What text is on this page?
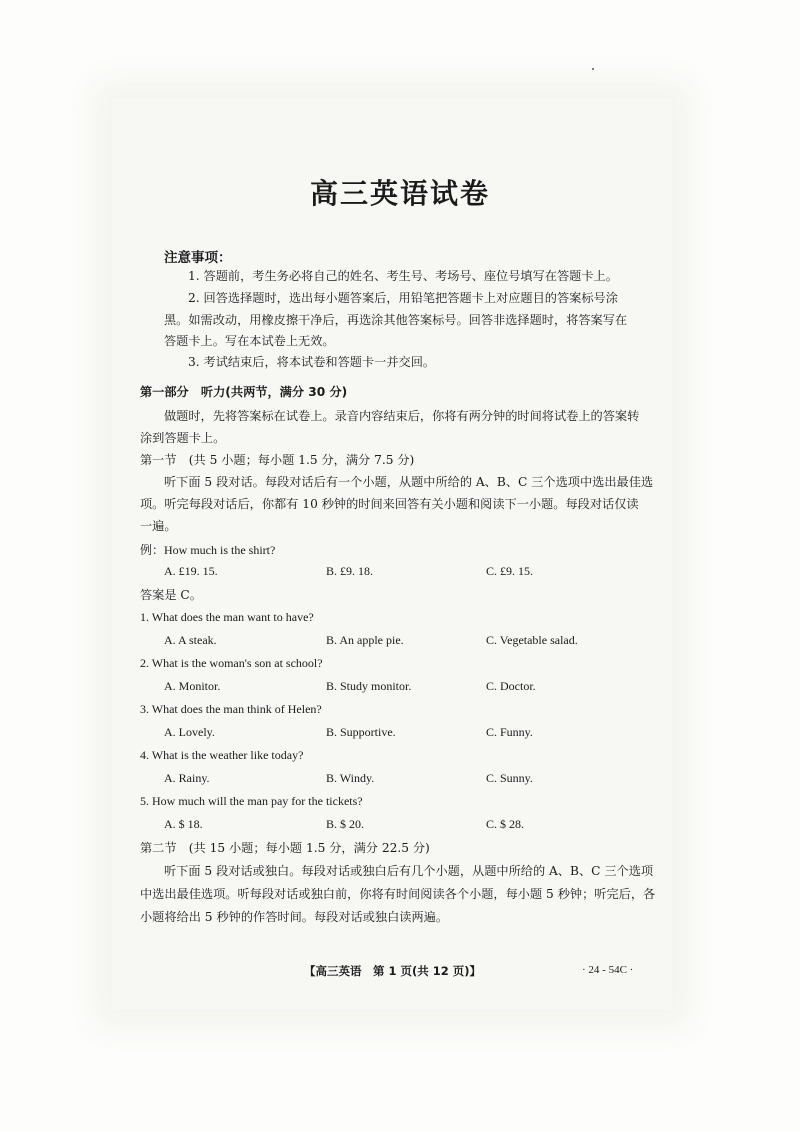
高三英语试卷
注意事项：
1. 答题前，考生务必将自己的姓名、考生号、考场号、座位号填写在答题卡上。
2. 回答选择题时，选出每小题答案后，用铅笔把答题卡上对应题目的答案标号涂
黑。如需改动，用橡皮擦干净后，再选涂其他答案标号。回答非选择题时，将答案写在
答题卡上。写在本试卷上无效。
3. 考试结束后，将本试卷和答题卡一并交回。
第一部分　听力(共两节，满分 30 分)
做题时，先将答案标在试卷上。录音内容结束后，你将有两分钟的时间将试卷上的答案转
涂到答题卡上。
第一节　(共 5 小题；每小题 1.5 分，满分 7.5 分)
听下面 5 段对话。每段对话后有一个小题，从题中所给的 A、B、C 三个选项中选出最佳选
项。听完每段对话后，你都有 10 秒钟的时间来回答有关小题和阅读下一小题。每段对话仅读
一遍。
例：How much is the shirt?
A. £19. 15.	B. £9. 18.	C. £9. 15.
答案是 C。
1. What does the man want to have?
A. A steak.	B. An apple pie.	C. Vegetable salad.
2. What is the woman's son at school?
A. Monitor.	B. Study monitor.	C. Doctor.
3. What does the man think of Helen?
A. Lovely.	B. Supportive.	C. Funny.
4. What is the weather like today?
A. Rainy.	B. Windy.	C. Sunny.
5. How much will the man pay for the tickets?
A. $ 18.	B. $ 20.	C. $ 28.
第二节　(共 15 小题；每小题 1.5 分，满分 22.5 分)
听下面 5 段对话或独白。每段对话或独白后有几个小题，从题中所给的 A、B、C 三个选项
中选出最佳选项。听每段对话或独白前，你将有时间阅读各个小题，每小题 5 秒钟；听完后，各
小题将给出 5 秒钟的作答时间。每段对话或独白读两遍。
【高三英语　第 1 页(共 12 页)】	· 24 - 54C ·
